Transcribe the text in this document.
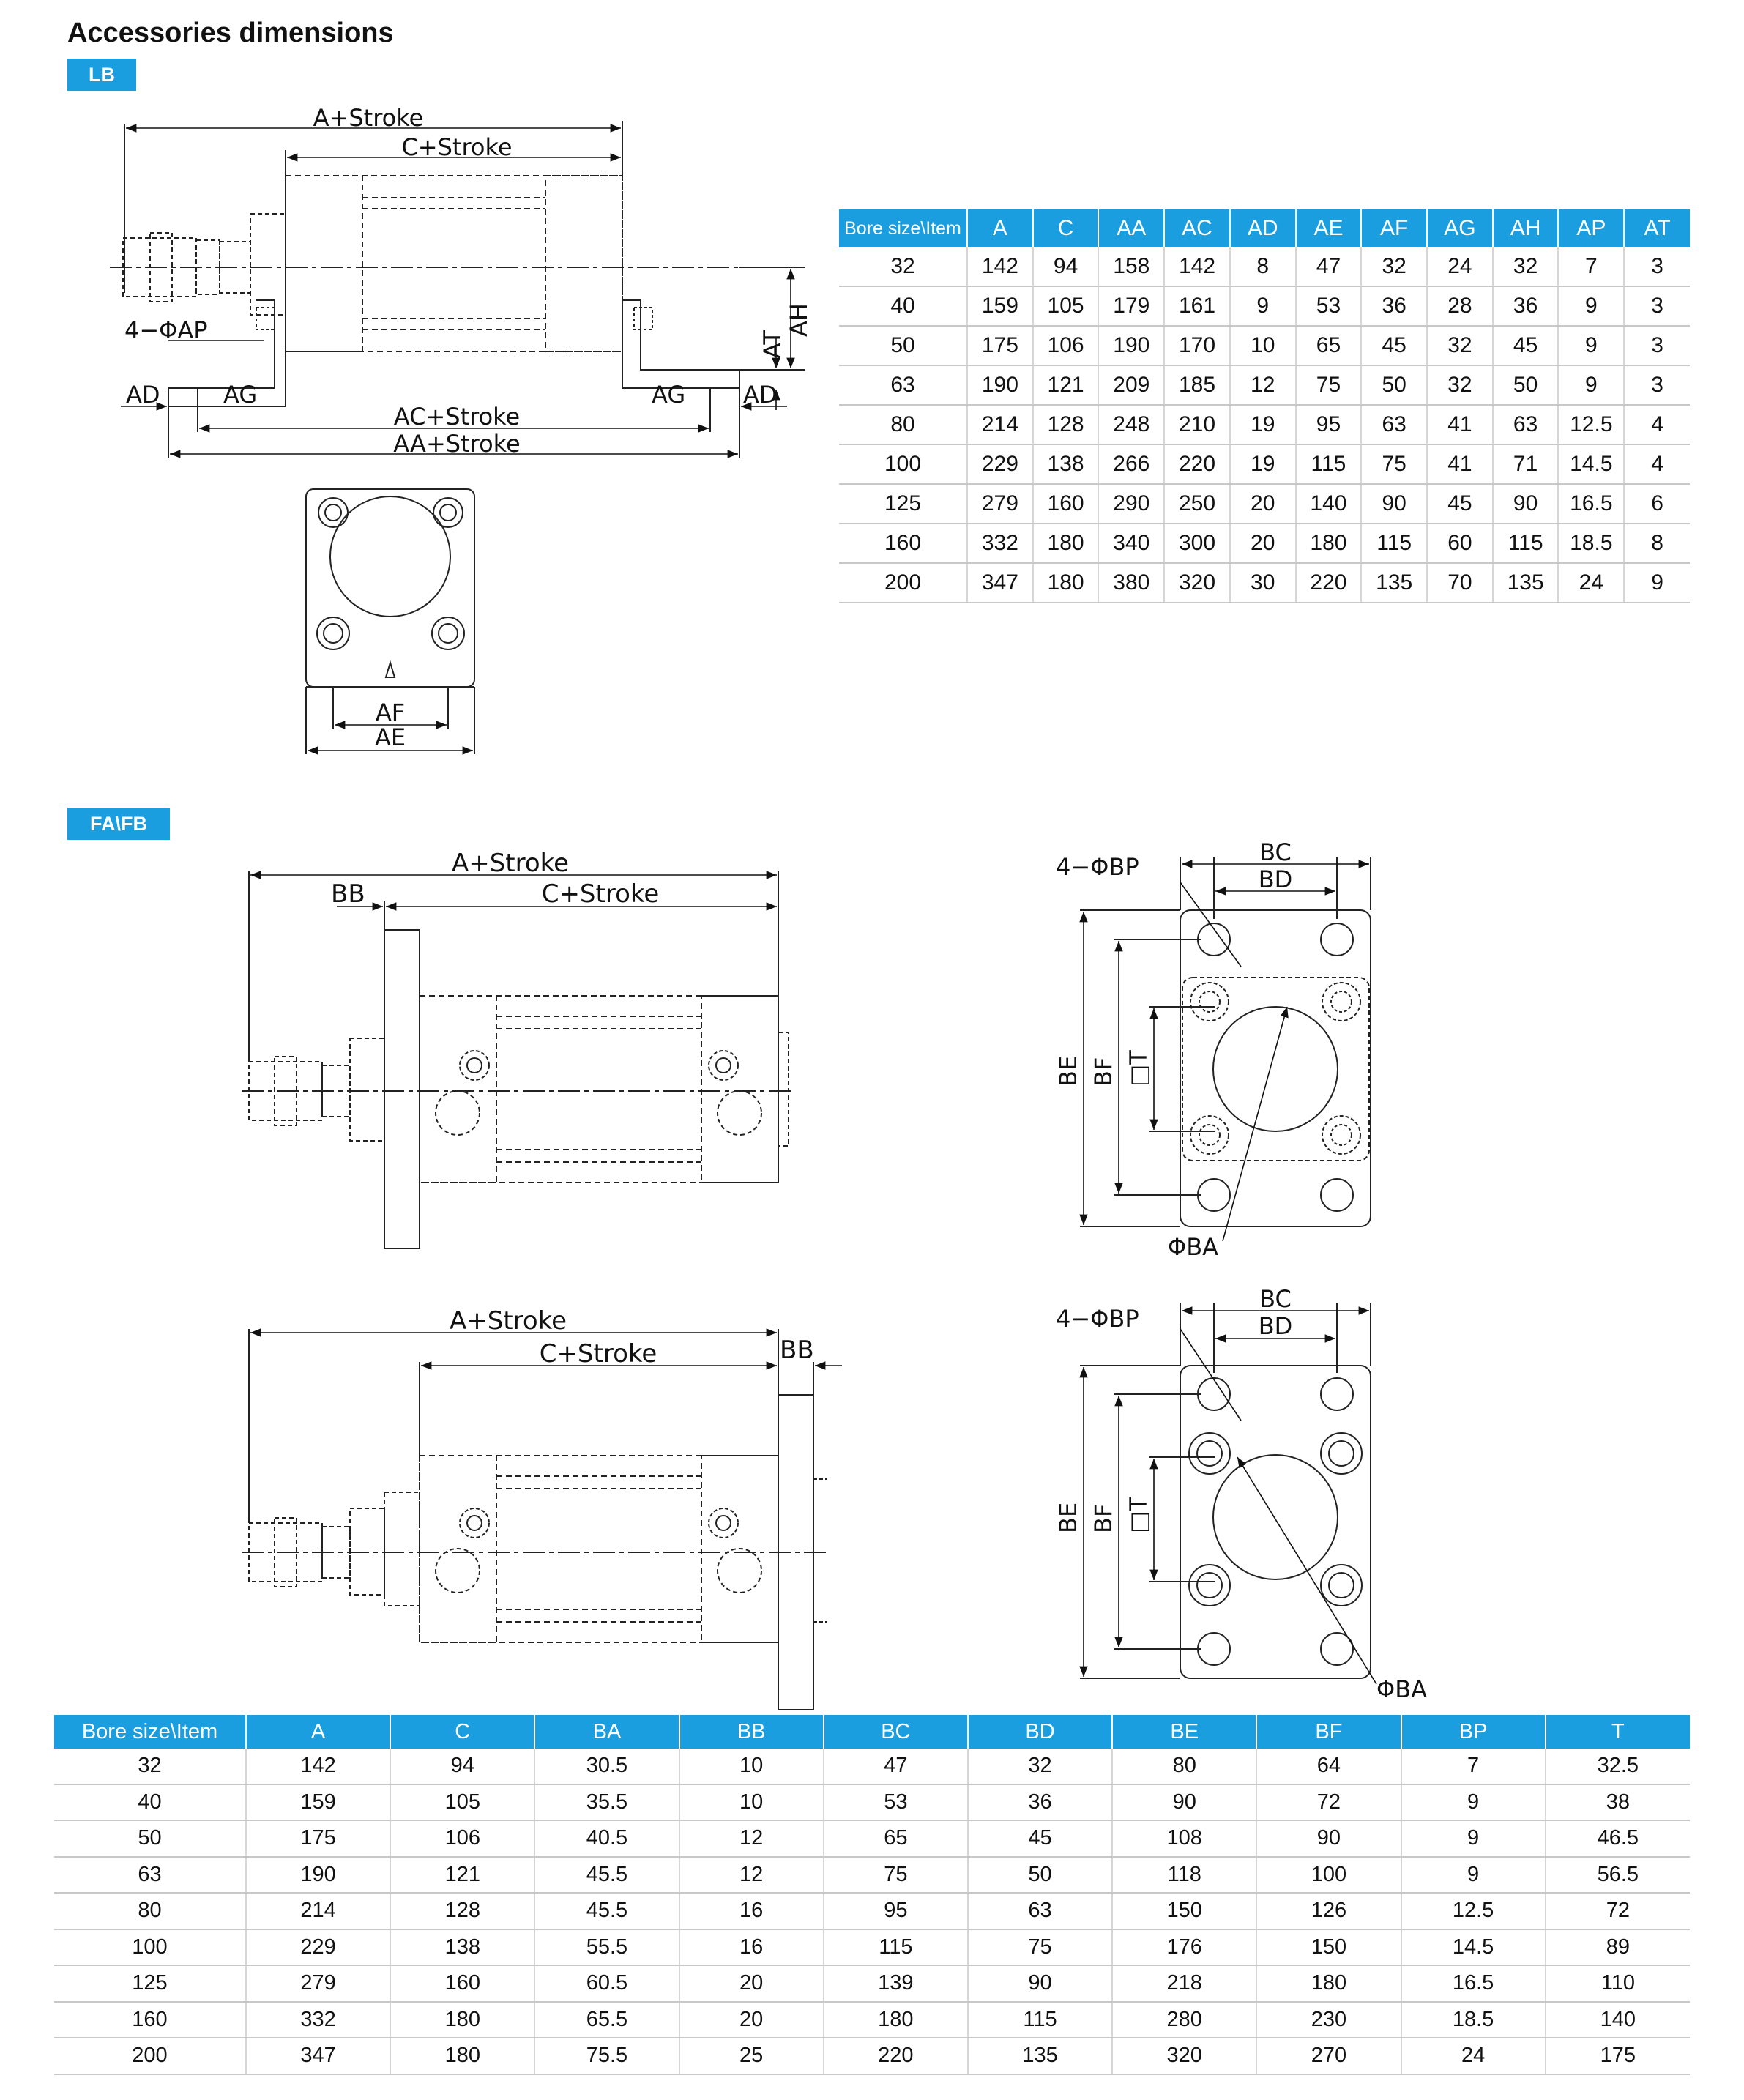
Accessories dimensions
LB
FA\FB
A+Stroke
C+Stroke
4−ΦAP
AD	AG	AG AD
AC+Stroke
AA+Stroke
AT
AH
AF
AE
A+Stroke
BB	C+Stroke
A+Stroke
C+Stroke	BB
4−ΦBP
BC
BD
BE BF □T
ΦBA
4−ΦBP
BC
BD
BE BF □T
ΦBA
Bore size\Item	A	C	AA	AC	AD	AE	AF	AG	AH	AP	AT
32	142	94	158	142	8	47	32	24	32	7	3
40	159	105	179	161	9	53	36	28	36	9	3
50	175	106	190	170	10	65	45	32	45	9	3
63	190	121	209	185	12	75	50	32	50	9	3
80	214	128	248	210	19	95	63	41	63	12.5	4
100	229	138	266	220	19	115	75	41	71	14.5	4
125	279	160	290	250	20	140	90	45	90	16.5	6
160	332	180	340	300	20	180	115	60	115	18.5	8
200	347	180	380	320	30	220	135	70	135	24	9
Bore size\Item	A	C	BA	BB	BC	BD	BE	BF	BP	T
32	142	94	30.5	10	47	32	80	64	7	32.5
40	159	105	35.5	10	53	36	90	72	9	38
50	175	106	40.5	12	65	45	108	90	9	46.5
63	190	121	45.5	12	75	50	118	100	9	56.5
80	214	128	45.5	16	95	63	150	126	12.5	72
100	229	138	55.5	16	115	75	176	150	14.5	89
125	279	160	60.5	20	139	90	218	180	16.5	110
160	332	180	65.5	20	180	115	280	230	18.5	140
200	347	180	75.5	25	220	135	320	270	24	175
